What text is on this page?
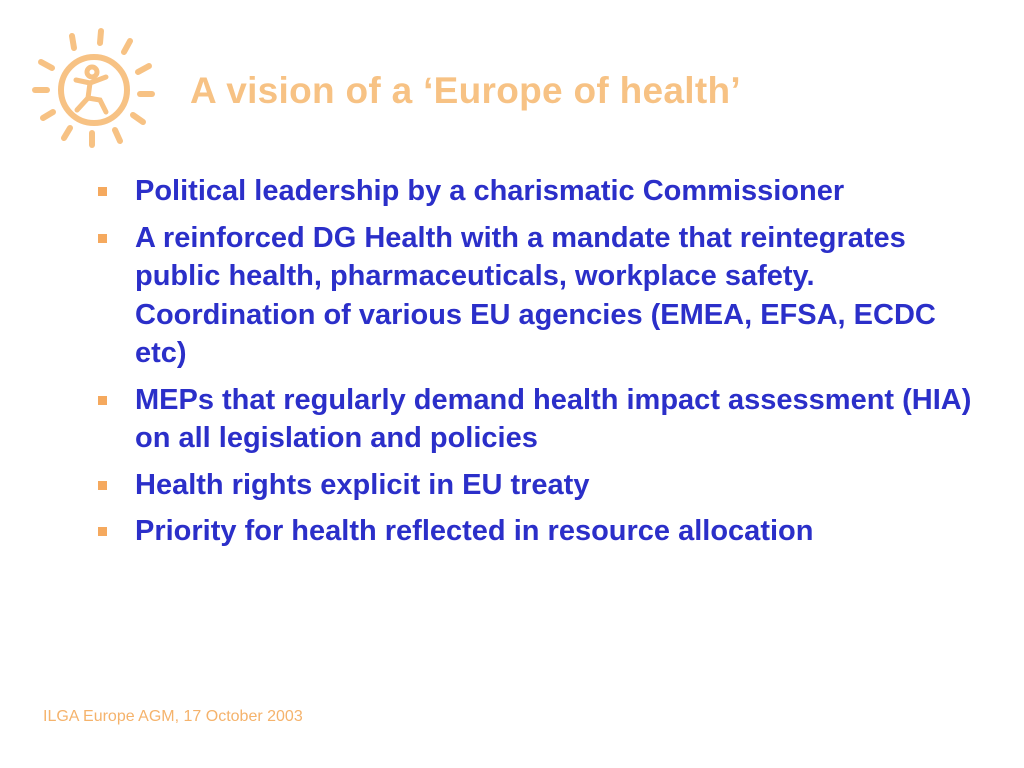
A vision of a ‘Europe of health’
Political leadership by a charismatic Commissioner
A reinforced DG Health with a mandate that reintegrates public health, pharmaceuticals, workplace safety. Coordination of various EU agencies (EMEA, EFSA, ECDC etc)
MEPs that regularly demand health impact assessment (HIA) on all legislation and policies
Health rights explicit in EU treaty
Priority for health reflected in resource allocation
ILGA Europe AGM, 17 October 2003
